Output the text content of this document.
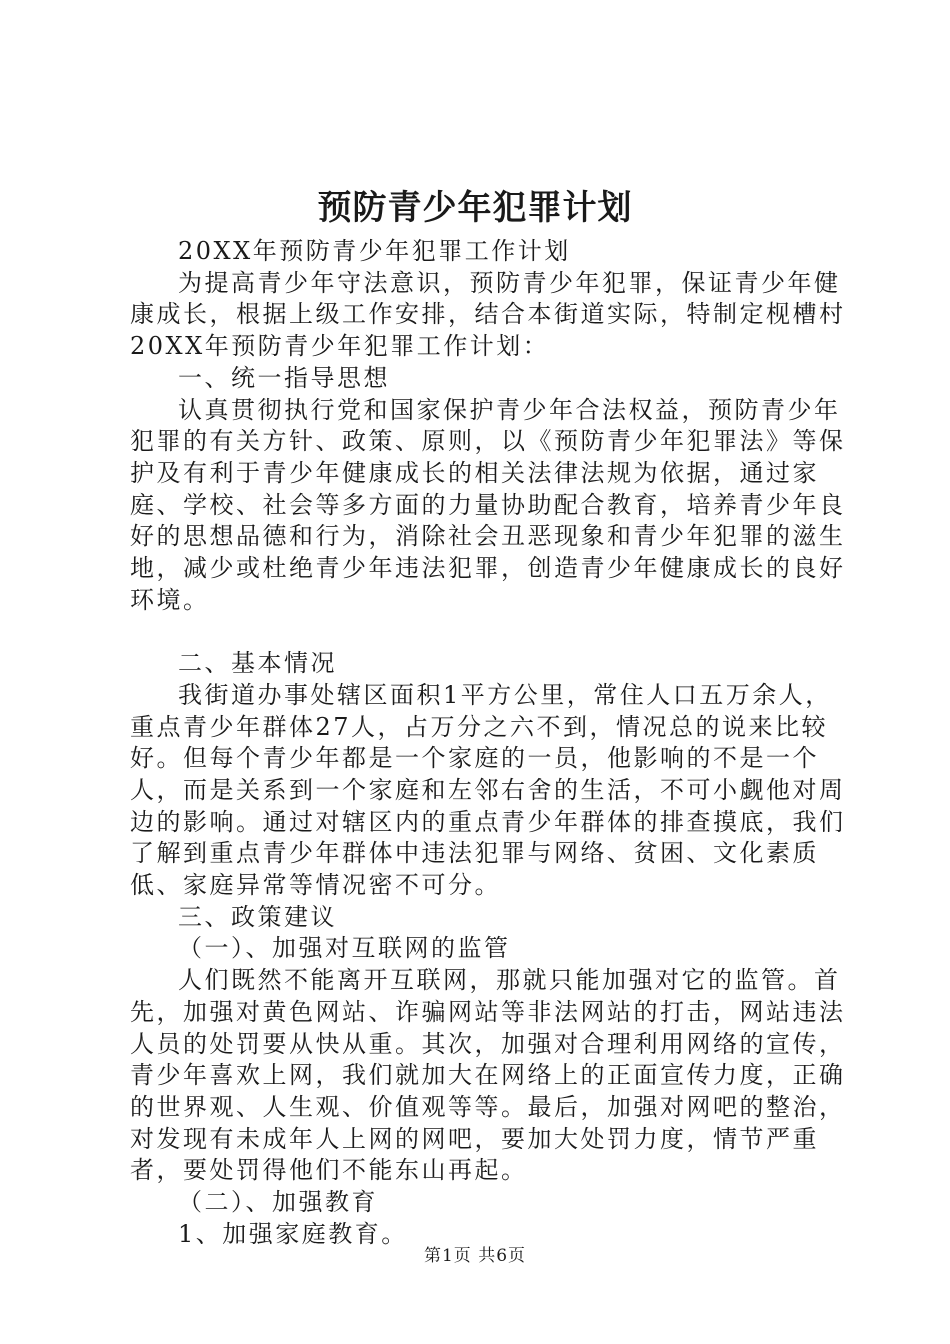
预防青少年犯罪计划

20XX年预防青少年犯罪工作计划

为提高青少年守法意识，预防青少年犯罪，保证青少年健康成长，根据上级工作安排，结合本街道实际，特制定枧槽村20XX年预防青少年犯罪工作计划：

一、统一指导思想

认真贯彻执行党和国家保护青少年合法权益，预防青少年犯罪的有关方针、政策、原则，以《预防青少年犯罪法》等保护及有利于青少年健康成长的相关法律法规为依据，通过家庭、学校、社会等多方面的力量协助配合教育，培养青少年良好的思想品德和行为，消除社会丑恶现象和青少年犯罪的滋生地，减少或杜绝青少年违法犯罪，创造青少年健康成长的良好环境。

二、基本情况

我街道办事处辖区面积1平方公里，常住人口五万余人，重点青少年群体27人，占万分之六不到，情况总的说来比较好。但每个青少年都是一个家庭的一员，他影响的不是一个人，而是关系到一个家庭和左邻右舍的生活，不可小觑他对周边的影响。通过对辖区内的重点青少年群体的排查摸底，我们了解到重点青少年群体中违法犯罪与网络、贫困、文化素质低、家庭异常等情况密不可分。

三、政策建议

（一）、加强对互联网的监管

人们既然不能离开互联网，那就只能加强对它的监管。首先，加强对黄色网站、诈骗网站等非法网站的打击，网站违法人员的处罚要从快从重。其次，加强对合理利用网络的宣传，青少年喜欢上网，我们就加大在网络上的正面宣传力度，正确的世界观、人生观、价值观等等。最后，加强对网吧的整治，对发现有未成年人上网的网吧，要加大处罚力度，情节严重者，要处罚得他们不能东山再起。

（二）、加强教育

1、加强家庭教育。

第1页 共6页
